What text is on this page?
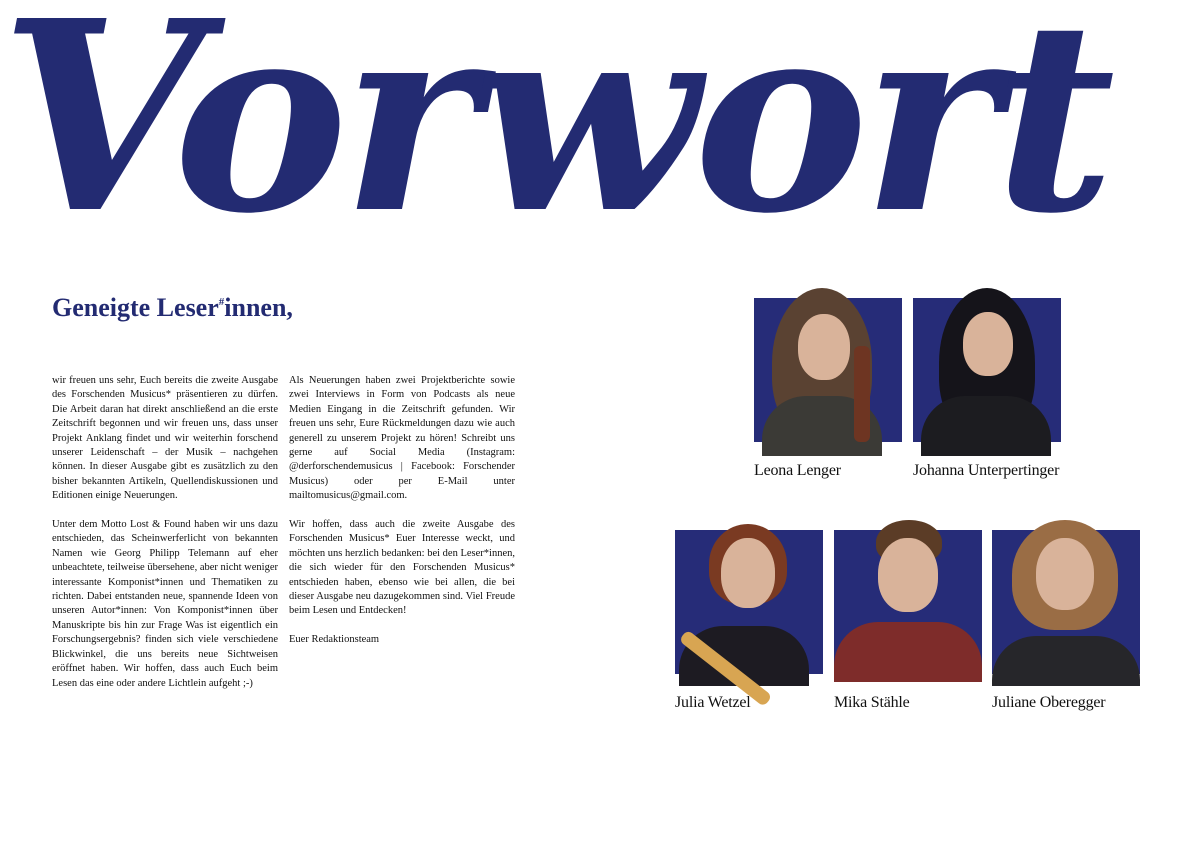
Vorwort
Geneigte Leser#innen,

wir freuen uns sehr, Euch bereits die zweite Ausgabe des Forschenden Musicus* präsentieren zu dürfen. Die Arbeit daran hat direkt anschließend an die erste Zeitschrift begonnen und wir freuen uns, dass unser Projekt Anklang findet und wir weiterhin forschend unserer Leidenschaft – der Musik – nachgehen können. In dieser Ausgabe gibt es zusätzlich zu den bisher bekannten Artikeln, Quellendiskussionen und Editionen einige Neuerungen.

Unter dem Motto Lost & Found haben wir uns dazu entschieden, das Scheinwerferlicht von bekannten Namen wie Georg Philipp Telemann auf eher unbeachtete, teilweise übersehene, aber nicht weniger interessante Komponist*innen und Thematiken zu richten. Dabei entstanden neue, spannende Ideen von unseren Autor*innen: Von Komponist*innen über Manuskripte bis hin zur Frage Was ist eigentlich ein Forschungsergebnis? finden sich viele verschiedene Blickwinkel, die uns bereits neue Sichtweisen eröffnet haben. Wir hoffen, dass auch Euch beim Lesen das eine oder andere Lichtlein aufgeht ;-)

Als Neuerungen haben zwei Projektberichte sowie zwei Interviews in Form von Podcasts als neue Medien Eingang in die Zeitschrift gefunden. Wir freuen uns sehr, Eure Rückmeldungen dazu wie auch generell zu unserem Projekt zu hören! Schreibt uns gerne auf Social Media (Instagram: @derforschendemusicus | Facebook: Forschender Musicus) oder per E-Mail unter mailtomusicus@gmail.com.

Wir hoffen, dass auch die zweite Ausgabe des Forschenden Musicus* Euer Interesse weckt, und möchten uns herzlich bedanken: bei den Leser*innen, die sich wieder für den Forschenden Musicus* entschieden haben, ebenso wie bei allen, die bei dieser Ausgabe neu dazugekommen sind. Viel Freude beim Lesen und Entdecken!

Euer Redaktionsteam

Leona Lenger	Johanna Unterpertinger
Julia Wetzel	Mika Stähle	Juliane Oberegger
